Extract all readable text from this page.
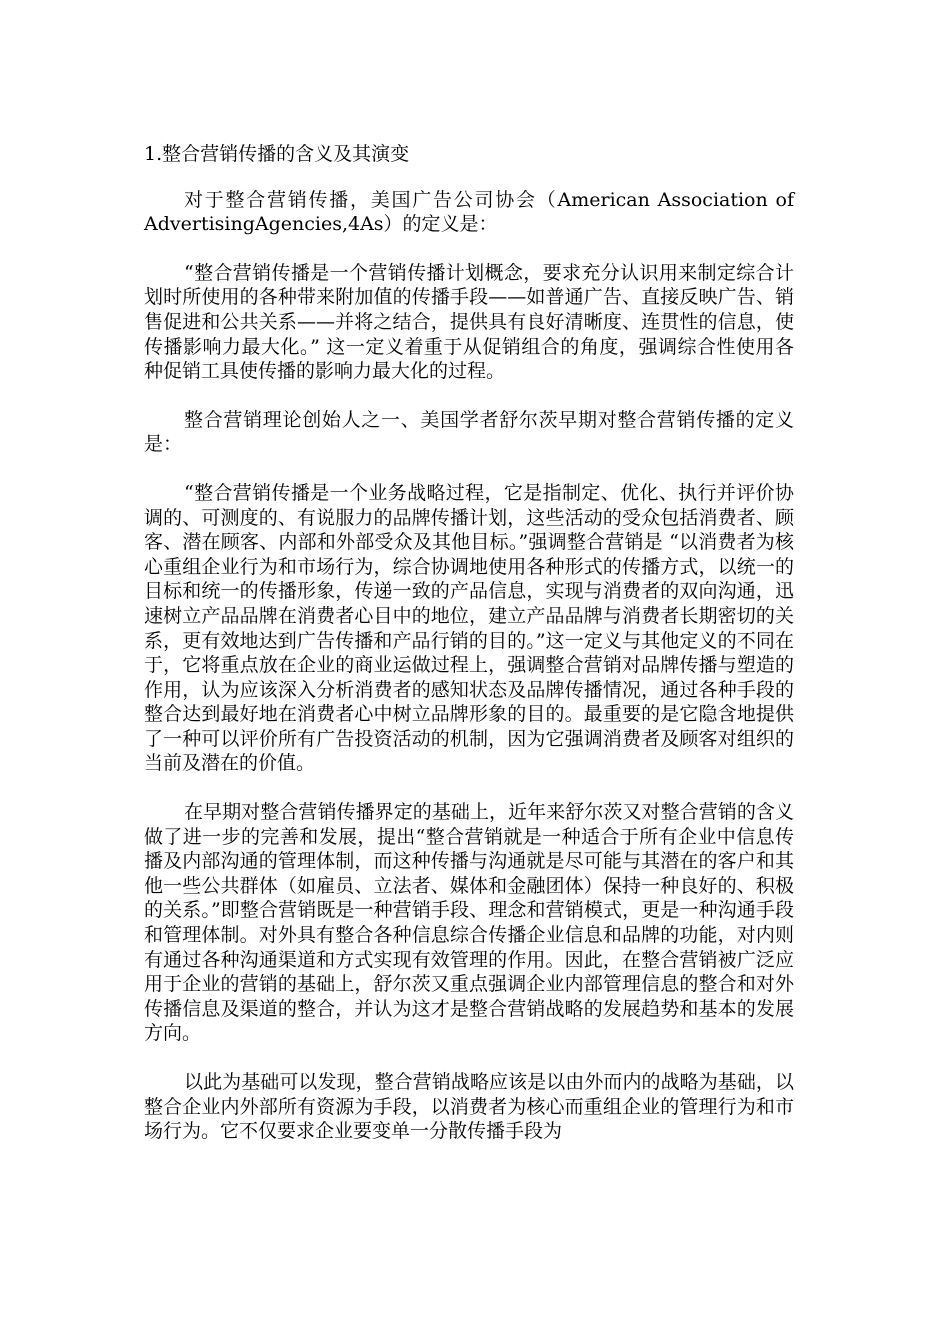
1.整合营销传播的含义及其演变

对于整合营销传播，美国广告公司协会（American Association of AdvertisingAgencies,4As）的定义是：

“整合营销传播是一个营销传播计划概念，要求充分认识用来制定综合计划时所使用的各种带来附加值的传播手段——如普通广告、直接反映广告、销售促进和公共关系——并将之结合，提供具有良好清晰度、连贯性的信息，使传播影响力最大化。” 这一定义着重于从促销组合的角度，强调综合性使用各种促销工具使传播的影响力最大化的过程。

整合营销理论创始人之一、美国学者舒尔茨早期对整合营销传播的定义是：

“整合营销传播是一个业务战略过程，它是指制定、优化、执行并评价协调的、可测度的、有说服力的品牌传播计划，这些活动的受众包括消费者、顾客、潜在顾客、内部和外部受众及其他目标。”强调整合营销是 “以消费者为核心重组企业行为和市场行为，综合协调地使用各种形式的传播方式，以统一的目标和统一的传播形象，传递一致的产品信息，实现与消费者的双向沟通，迅速树立产品品牌在消费者心目中的地位，建立产品品牌与消费者长期密切的关系，更有效地达到广告传播和产品行销的目的。”这一定义与其他定义的不同在于，它将重点放在企业的商业运做过程上，强调整合营销对品牌传播与塑造的作用，认为应该深入分析消费者的感知状态及品牌传播情况，通过各种手段的整合达到最好地在消费者心中树立品牌形象的目的。最重要的是它隐含地提供了一种可以评价所有广告投资活动的机制，因为它强调消费者及顾客对组织的当前及潜在的价值。

在早期对整合营销传播界定的基础上，近年来舒尔茨又对整合营销的含义做了进一步的完善和发展，提出“整合营销就是一种适合于所有企业中信息传播及内部沟通的管理体制，而这种传播与沟通就是尽可能与其潜在的客户和其他一些公共群体（如雇员、立法者、媒体和金融团体）保持一种良好的、积极的关系。”即整合营销既是一种营销手段、理念和营销模式，更是一种沟通手段和管理体制。对外具有整合各种信息综合传播企业信息和品牌的功能，对内则有通过各种沟通渠道和方式实现有效管理的作用。因此，在整合营销被广泛应用于企业的营销的基础上，舒尔茨又重点强调企业内部管理信息的整合和对外传播信息及渠道的整合，并认为这才是整合营销战略的发展趋势和基本的发展方向。

以此为基础可以发现，整合营销战略应该是以由外而内的战略为基础，以整合企业内外部所有资源为手段，以消费者为核心而重组企业的管理行为和市场行为。它不仅要求企业要变单一分散传播手段为
